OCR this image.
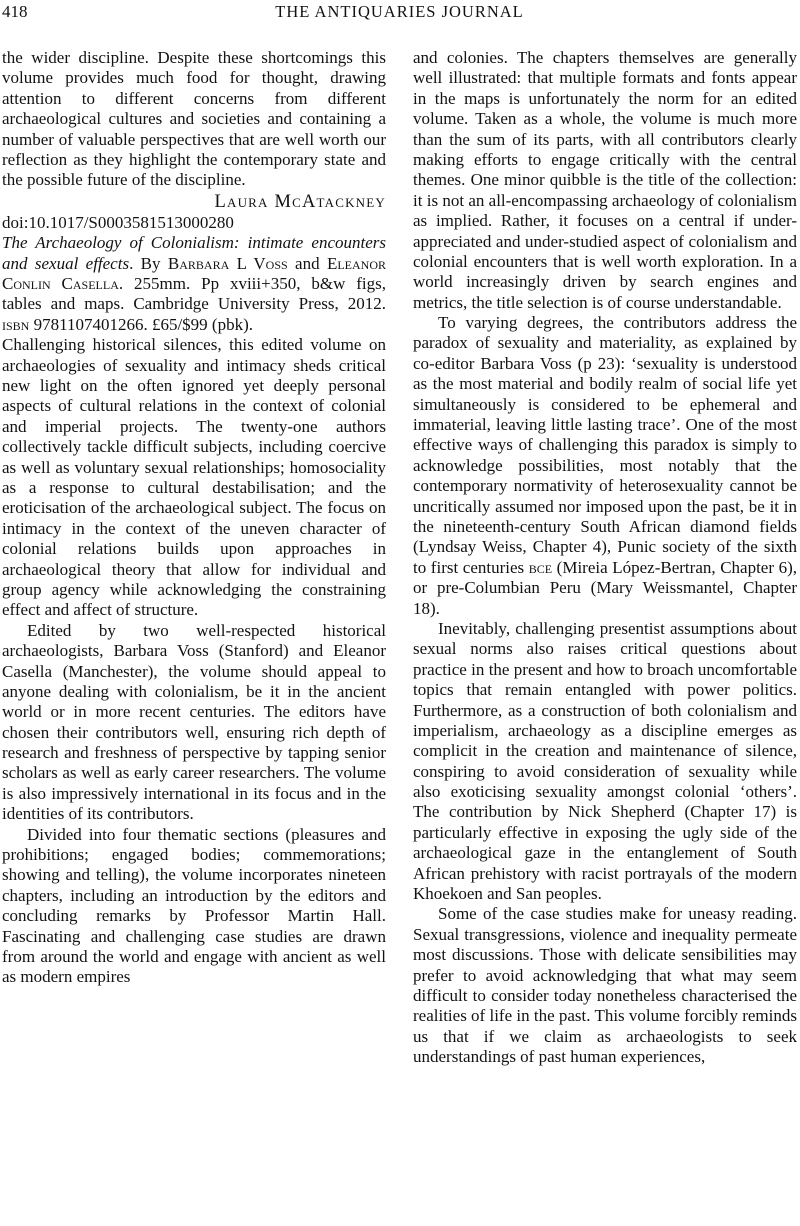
418	THE ANTIQUARIES JOURNAL

the wider discipline. Despite these shortcomings this volume provides much food for thought, drawing attention to different concerns from different archaeological cultures and societies and containing a number of valuable perspectives that are well worth our reflection as they highlight the contemporary state and the possible future of the discipline.

Laura McAtackney

doi:10.1017/S0003581513000280

The Archaeology of Colonialism: intimate encounters and sexual effects. By Barbara L Voss and Eleanor Conlin Casella. 255mm. Pp xviii+350, b&w figs, tables and maps. Cambridge University Press, 2012. isbn 9781107401266. £65/$99 (pbk).

Challenging historical silences, this edited volume on archaeologies of sexuality and intimacy sheds critical new light on the often ignored yet deeply personal aspects of cultural relations in the context of colonial and imperial projects. The twenty-one authors collectively tackle difficult subjects, including coercive as well as voluntary sexual relationships; homosociality as a response to cultural destabilisation; and the eroticisation of the archaeological subject. The focus on intimacy in the context of the uneven character of colonial relations builds upon approaches in archaeological theory that allow for individual and group agency while acknowledging the constraining effect and affect of structure.

Edited by two well-respected historical archaeologists, Barbara Voss (Stanford) and Eleanor Casella (Manchester), the volume should appeal to anyone dealing with colonialism, be it in the ancient world or in more recent centuries. The editors have chosen their contributors well, ensuring rich depth of research and freshness of perspective by tapping senior scholars as well as early career researchers. The volume is also impressively international in its focus and in the identities of its contributors.

Divided into four thematic sections (pleasures and prohibitions; engaged bodies; commemorations; showing and telling), the volume incorporates nineteen chapters, including an introduction by the editors and concluding remarks by Professor Martin Hall. Fascinating and challenging case studies are drawn from around the world and engage with ancient as well as modern empires

and colonies. The chapters themselves are generally well illustrated: that multiple formats and fonts appear in the maps is unfortunately the norm for an edited volume. Taken as a whole, the volume is much more than the sum of its parts, with all contributors clearly making efforts to engage critically with the central themes. One minor quibble is the title of the collection: it is not an all-encompassing archaeology of colonialism as implied. Rather, it focuses on a central if under-appreciated and under-studied aspect of colonialism and colonial encounters that is well worth exploration. In a world increasingly driven by search engines and metrics, the title selection is of course understandable.

To varying degrees, the contributors address the paradox of sexuality and materiality, as explained by co-editor Barbara Voss (p 23): ‘sexuality is understood as the most material and bodily realm of social life yet simultaneously is considered to be ephemeral and immaterial, leaving little lasting trace’. One of the most effective ways of challenging this paradox is simply to acknowledge possibilities, most notably that the contemporary normativity of heterosexuality cannot be uncritically assumed nor imposed upon the past, be it in the nineteenth-century South African diamond fields (Lyndsay Weiss, Chapter 4), Punic society of the sixth to first centuries bce (Mireia López-Bertran, Chapter 6), or pre-Columbian Peru (Mary Weissmantel, Chapter 18).

Inevitably, challenging presentist assumptions about sexual norms also raises critical questions about practice in the present and how to broach uncomfortable topics that remain entangled with power politics. Furthermore, as a construction of both colonialism and imperialism, archaeology as a discipline emerges as complicit in the creation and maintenance of silence, conspiring to avoid consideration of sexuality while also exoticising sexuality amongst colonial ‘others’. The contribution by Nick Shepherd (Chapter 17) is particularly effective in exposing the ugly side of the archaeological gaze in the entanglement of South African prehistory with racist portrayals of the modern Khoekoen and San peoples.

Some of the case studies make for uneasy reading. Sexual transgressions, violence and inequality permeate most discussions. Those with delicate sensibilities may prefer to avoid acknowledging that what may seem difficult to consider today nonetheless characterised the realities of life in the past. This volume forcibly reminds us that if we claim as archaeologists to seek understandings of past human experiences,
